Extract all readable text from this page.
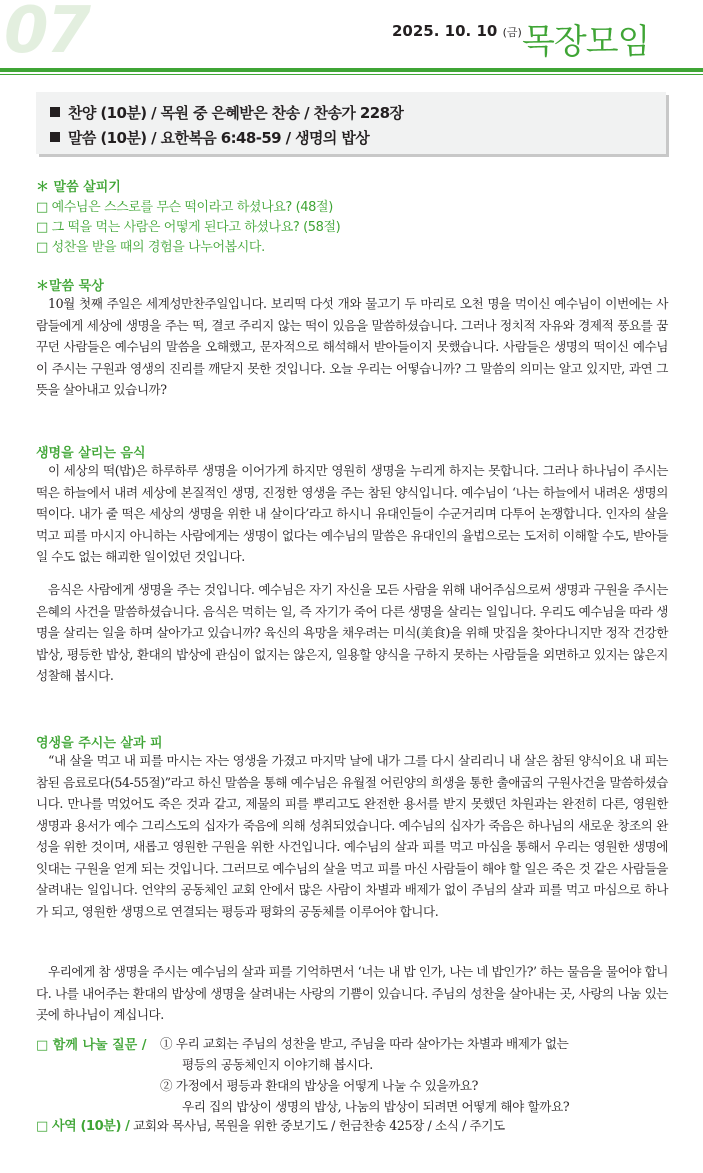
07	2025. 10. 10 (금) 목장모임
찬양 (10분) / 목원 중 은혜받은 찬송 / 찬송가 228장
말씀 (10분) / 요한복음 6:48-59 / 생명의 밥상
＊ 말씀 살피기
□ 예수님은 스스로를 무슨 떡이라고 하셨나요? (48절)
□ 그 떡을 먹는 사람은 어떻게 된다고 하셨나요? (58절)
□ 성찬을 받을 때의 경험을 나누어봅시다.
＊말씀 묵상

10월 첫째 주일은 세계성만찬주일입니다. 보리떡 다섯 개와 물고기 두 마리로 오천 명을 먹이신 예수님이 이번에는 사람들에게 세상에 생명을 주는 떡, 결코 주리지 않는 떡이 있음을 말씀하셨습니다. 그러나 정치적 자유와 경제적 풍요를 꿈꾸던 사람들은 예수님의 말씀을 오해했고, 문자적으로 해석해서 받아들이지 못했습니다. 사람들은 생명의 떡이신 예수님이 주시는 구원과 영생의 진리를 깨닫지 못한 것입니다. 오늘 우리는 어떻습니까? 그 말씀의 의미는 알고 있지만, 과연 그 뜻을 살아내고 있습니까?

생명을 살리는 음식

이 세상의 떡(밥)은 하루하루 생명을 이어가게 하지만 영원히 생명을 누리게 하지는 못합니다. 그러나 하나님이 주시는 떡은 하늘에서 내려 세상에 본질적인 생명, 진정한 영생을 주는 참된 양식입니다. 예수님이 ‘나는 하늘에서 내려온 생명의 떡이다. 내가 줄 떡은 세상의 생명을 위한 내 살이다’라고 하시니 유대인들이 수군거리며 다투어 논쟁합니다. 인자의 살을 먹고 피를 마시지 아니하는 사람에게는 생명이 없다는 예수님의 말씀은 유대인의 율법으로는 도저히 이해할 수도, 받아들일 수도 없는 해괴한 일이었던 것입니다.

음식은 사람에게 생명을 주는 것입니다. 예수님은 자기 자신을 모든 사람을 위해 내어주심으로써 생명과 구원을 주시는 은혜의 사건을 말씀하셨습니다. 음식은 먹히는 일, 즉 자기가 죽어 다른 생명을 살리는 일입니다. 우리도 예수님을 따라 생명을 살리는 일을 하며 살아가고 있습니까? 육신의 욕망을 채우려는 미식(美食)을 위해 맛집을 찾아다니지만 정작 건강한 밥상, 평등한 밥상, 환대의 밥상에 관심이 없지는 않은지, 일용할 양식을 구하지 못하는 사람들을 외면하고 있지는 않은지 성찰해 봅시다.

영생을 주시는 살과 피

“내 살을 먹고 내 피를 마시는 자는 영생을 가졌고 마지막 날에 내가 그를 다시 살리리니 내 살은 참된 양식이요 내 피는 참된 음료로다(54-55절)”라고 하신 말씀을 통해 예수님은 유월절 어린양의 희생을 통한 출애굽의 구원사건을 말씀하셨습니다. 만나를 먹었어도 죽은 것과 같고, 제물의 피를 뿌리고도 완전한 용서를 받지 못했던 차원과는 완전히 다른, 영원한 생명과 용서가 예수 그리스도의 십자가 죽음에 의해 성취되었습니다. 예수님의 십자가 죽음은 하나님의 새로운 창조의 완성을 위한 것이며, 새롭고 영원한 구원을 위한 사건입니다. 예수님의 살과 피를 먹고 마심을 통해서 우리는 영원한 생명에 잇대는 구원을 얻게 되는 것입니다. 그러므로 예수님의 살을 먹고 피를 마신 사람들이 해야 할 일은 죽은 것 같은 사람들을 살려내는 일입니다. 언약의 공동체인 교회 안에서 많은 사람이 차별과 배제가 없이 주님의 살과 피를 먹고 마심으로 하나가 되고, 영원한 생명으로 연결되는 평등과 평화의 공동체를 이루어야 합니다.

우리에게 참 생명을 주시는 예수님의 살과 피를 기억하면서 ‘너는 내 밥 인가, 나는 네 밥인가?’ 하는 물음을 물어야 합니다. 나를 내어주는 환대의 밥상에 생명을 살려내는 사랑의 기쁨이 있습니다. 주님의 성찬을 살아내는 곳, 사랑의 나눔 있는 곳에 하나님이 계십니다.

□ 함께 나눌 질문 / ① 우리 교회는 주님의 성찬을 받고, 주님을 따라 살아가는 차별과 배제가 없는
평등의 공동체인지 이야기해 봅시다.
② 가정에서 평등과 환대의 밥상을 어떻게 나눌 수 있을까요?
우리 집의 밥상이 생명의 밥상, 나눔의 밥상이 되려면 어떻게 해야 할까요?
□ 사역 (10분) / 교회와 목사님, 목원을 위한 중보기도 / 헌금찬송 425장 / 소식 / 주기도
